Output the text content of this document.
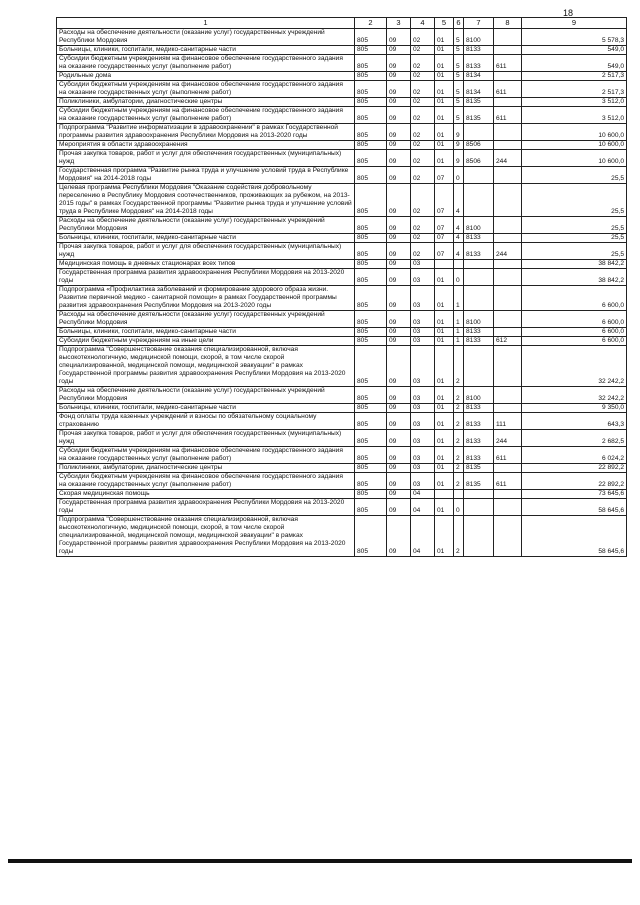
18
1	2	3	4	5	6	7	8	9
Расходы на обеспечение деятельности (оказание услуг) государственных учреждений Республики Мордовия	805	09	02	01	5	8100		5 578,3
Больницы, клиники, госпитали, медико-санитарные части	805	09	02	01	5	8133		549,0
Субсидии бюджетным учреждениям на финансовое обеспечение государственного задания на оказание государственных услуг (выполнение работ)	805	09	02	01	5	8133	611	549,0
Родильные дома	805	09	02	01	5	8134		2 517,3
Субсидии бюджетным учреждениям на финансовое обеспечение государственного задания на оказание государственных услуг (выполнение работ)	805	09	02	01	5	8134	611	2 517,3
Поликлиники, амбулатории, диагностические центры	805	09	02	01	5	8135		3 512,0
Субсидии бюджетным учреждениям на финансовое обеспечение государственного задания на оказание государственных услуг (выполнение работ)	805	09	02	01	5	8135	611	3 512,0
Подпрограмма "Развитие информатизации в здравоохранении" в рамках Государственной программы развития здравоохранения Республики Мордовия на 2013-2020 годы	805	09	02	01	9			10 600,0
Мероприятия в области здравоохранения	805	09	02	01	9	8506		10 600,0
Прочая закупка товаров, работ и услуг для обеспечения государственных (муниципальных) нужд	805	09	02	01	9	8506	244	10 600,0
Государственная программа "Развитие рынка труда и улучшение условий труда в Республике Мордовия" на 2014-2018 годы	805	09	02	07	0			25,5
Целевая программа Республики Мордовия "Оказание содействия добровольному переселению в Республику Мордовия соотечественников, проживающих за рубежом, на 2013-2015 годы" в рамках Государственной программы "Развитие рынка труда и улучшение условий труда в Республике Мордовия" на 2014-2018 годы	805	09	02	07	4			25,5
Расходы на обеспечение деятельности (оказание услуг) государственных учреждений Республики Мордовия	805	09	02	07	4	8100		25,5
Больницы, клиники, госпитали, медико-санитарные части	805	09	02	07	4	8133		25,5
Прочая закупка товаров, работ и услуг для обеспечения государственных (муниципальных) нужд	805	09	02	07	4	8133	244	25,5
Медицинская помощь в дневных стационарах всех типов	805	09	03					38 842,2
Государственная программа развития здравоохранения Республики Мордовия на 2013-2020 годы	805	09	03	01	0			38 842,2
Подпрограмма «Профилактика заболеваний и формирование здорового образа жизни. Развитие первичной медико - санитарной помощи» в рамках Государственной программы развития здравоохранения Республики Мордовия на 2013-2020 годы	805	09	03	01	1			6 600,0
Расходы на обеспечение деятельности (оказание услуг) государственных учреждений Республики Мордовия	805	09	03	01	1	8100		6 600,0
Больницы, клиники, госпитали, медико-санитарные части	805	09	03	01	1	8133		6 600,0
Субсидии бюджетным учреждениям на иные цели	805	09	03	01	1	8133	612	6 600,0
Подпрограмма "Совершенствование оказания специализированной, включая высокотехнологичную, медицинской помощи, скорой, в том числе скорой специализированной, медицинской помощи, медицинской эвакуации" в рамках Государственной программы развития здравоохранения Республики Мордовия на 2013-2020 годы	805	09	03	01	2			32 242,2
Расходы на обеспечение деятельности (оказание услуг) государственных учреждений Республики Мордовия	805	09	03	01	2	8100		32 242,2
Больницы, клиники, госпитали, медико-санитарные части	805	09	03	01	2	8133		9 350,0
Фонд оплаты труда казенных учреждений и взносы по обязательному социальному страхованию	805	09	03	01	2	8133	111	643,3
Прочая закупка товаров, работ и услуг для обеспечения государственных (муниципальных) нужд	805	09	03	01	2	8133	244	2 682,5
Субсидии бюджетным учреждениям на финансовое обеспечение государственного задания на оказание государственных услуг (выполнение работ)	805	09	03	01	2	8133	611	6 024,2
Поликлиники, амбулатории, диагностические центры	805	09	03	01	2	8135		22 892,2
Субсидии бюджетным учреждениям на финансовое обеспечение государственного задания на оказание государственных услуг (выполнение работ)	805	09	03	01	2	8135	611	22 892,2
Скорая медицинская помощь	805	09	04					73 645,6
Государственная программа развития здравоохранения Республики Мордовия на 2013-2020 годы	805	09	04	01	0			58 645,6
Подпрограмма "Совершенствование оказания специализированной, включая высокотехнологичную, медицинской помощи, скорой, в том числе скорой специализированной, медицинской помощи, медицинской эвакуации" в рамках Государственной программы развития здравоохранения Республики Мордовия на 2013-2020 годы	805	09	04	01	2			58 645,6
